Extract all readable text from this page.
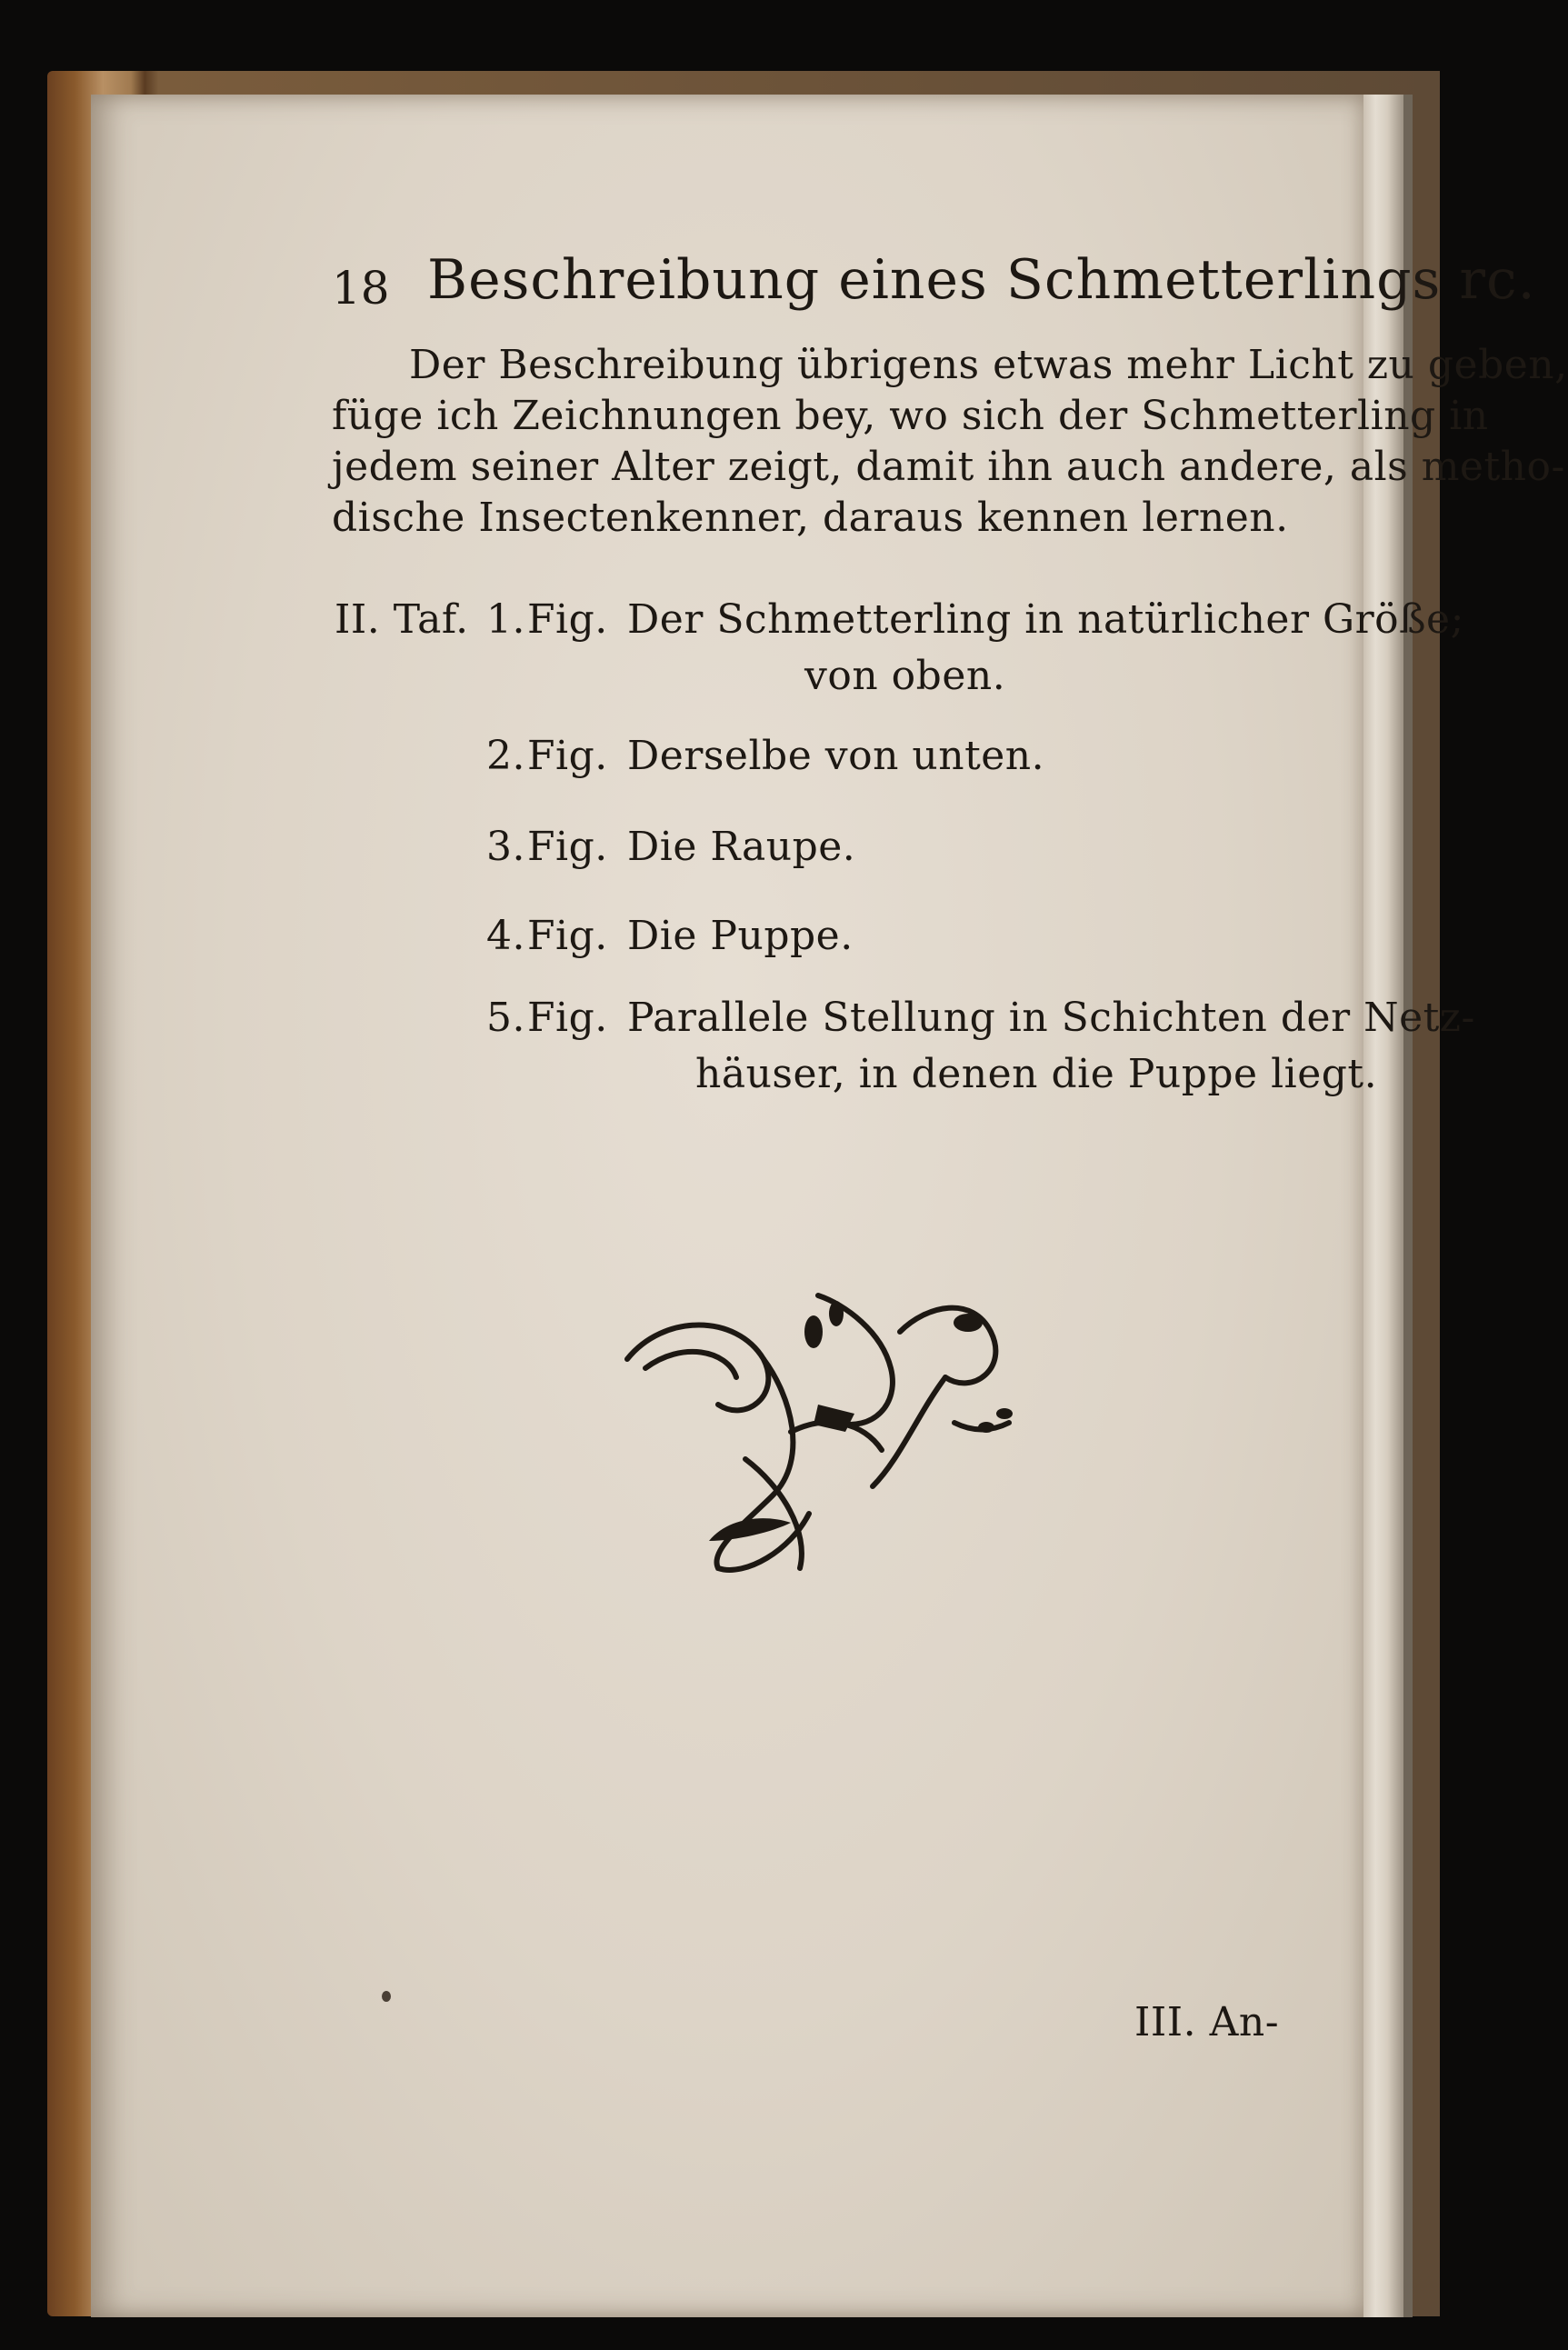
18 Beschreibung eines Schmetterlings rc.
Der Beschreibung übrigens etwas mehr Licht zu geben,
füge ich Zeichnungen bey, wo sich der Schmetterling in
jedem seiner Alter zeigt, damit ihn auch andere, als metho-
dische Insectenkenner, daraus kennen lernen.
II. Taf. 1. Fig. Der Schmetterling in natürlicher Größe;
von oben.
2. Fig. Derselbe von unten.
3. Fig. Die Raupe.
4. Fig. Die Puppe.
5. Fig. Parallele Stellung in Schichten der Netz-
häuser, in denen die Puppe liegt.
III. An-
